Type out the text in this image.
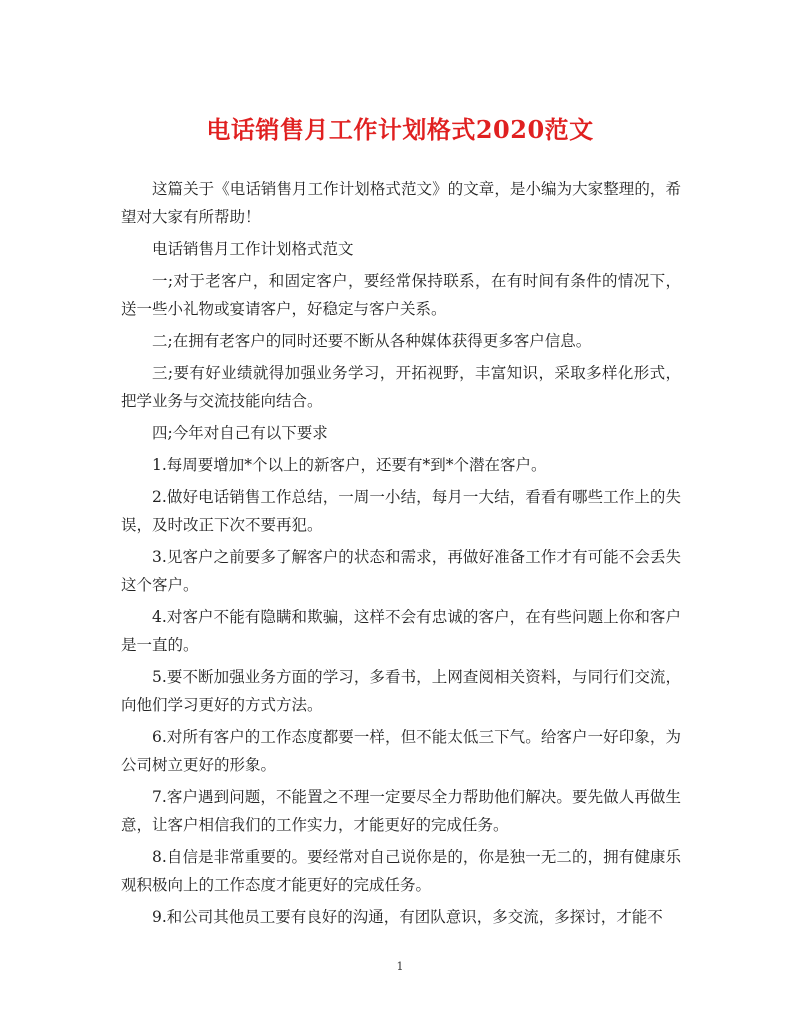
电话销售月工作计划格式2020范文

这篇关于《电话销售月工作计划格式范文》的文章，是小编为大家整理的，希望对大家有所帮助！

电话销售月工作计划格式范文

一;对于老客户，和固定客户，要经常保持联系，在有时间有条件的情况下，送一些小礼物或宴请客户，好稳定与客户关系。

二;在拥有老客户的同时还要不断从各种媒体获得更多客户信息。

三;要有好业绩就得加强业务学习，开拓视野，丰富知识，采取多样化形式，把学业务与交流技能向结合。

四;今年对自己有以下要求

1.每周要增加*个以上的新客户，还要有*到*个潜在客户。

2.做好电话销售工作总结，一周一小结，每月一大结，看看有哪些工作上的失误，及时改正下次不要再犯。

3.见客户之前要多了解客户的状态和需求，再做好准备工作才有可能不会丢失这个客户。

4.对客户不能有隐瞒和欺骗，这样不会有忠诚的客户，在有些问题上你和客户是一直的。

5.要不断加强业务方面的学习，多看书，上网查阅相关资料，与同行们交流，向他们学习更好的方式方法。

6.对所有客户的工作态度都要一样，但不能太低三下气。给客户一好印象，为公司树立更好的形象。

7.客户遇到问题，不能置之不理一定要尽全力帮助他们解决。要先做人再做生意，让客户相信我们的工作实力，才能更好的完成任务。

8.自信是非常重要的。要经常对自己说你是的，你是独一无二的，拥有健康乐观积极向上的工作态度才能更好的完成任务。

9.和公司其他员工要有良好的沟通，有团队意识，多交流，多探讨，才能不

1
